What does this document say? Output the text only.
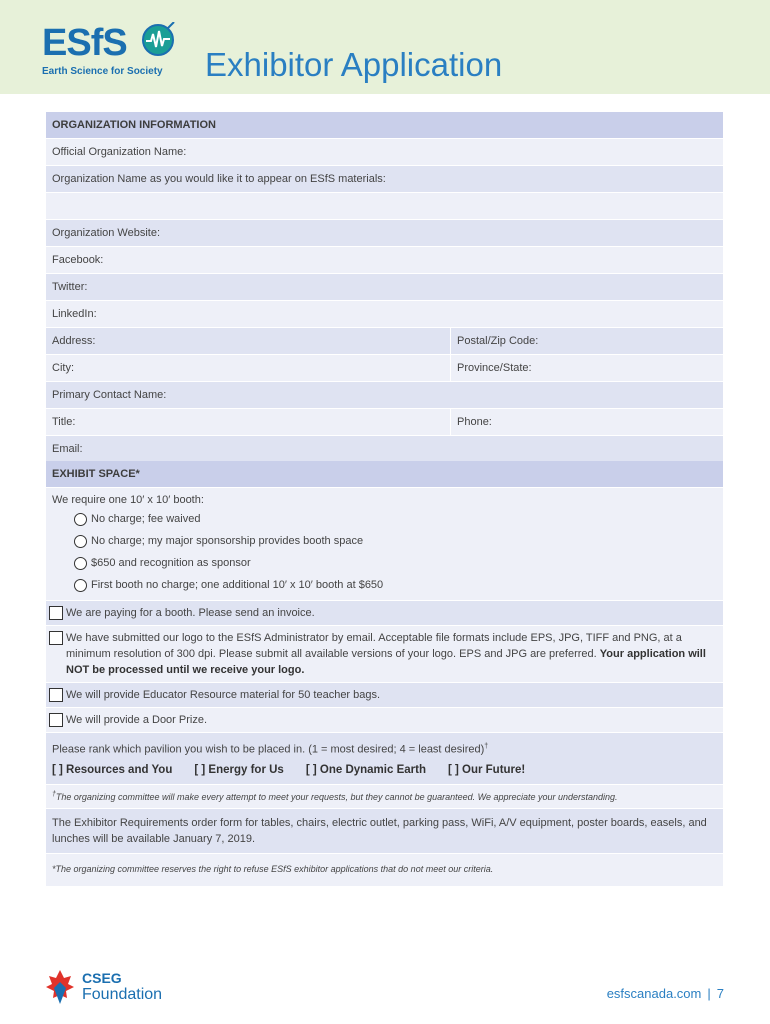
ESfS
Earth Science for Society Exhibitor Application
ORGANIZATION INFORMATION
Official Organization Name:
Organization Name as you would like it to appear on ESfS materials:
Organization Website:
Facebook:
Twitter:
LinkedIn:
Address:	Postal/Zip Code:
City:	Province/State:
Primary Contact Name:
Title:	Phone:
Email:
EXHIBIT SPACE*
We require one 10′ x 10′ booth:
No charge; fee waived
No charge; my major sponsorship provides booth space
$650 and recognition as sponsor
First booth no charge; one additional 10′ x 10′ booth at $650
We are paying for a booth. Please send an invoice.
We have submitted our logo to the ESfS Administrator by email. Acceptable file formats include EPS, JPG, TIFF and PNG, at a minimum resolution of 300 dpi. Please submit all available versions of your logo. EPS and JPG are preferred. Your application will NOT be processed until we receive your logo.
We will provide Educator Resource material for 50 teacher bags.
We will provide a Door Prize.
Please rank which pavilion you wish to be placed in. (1 = most desired; 4 = least desired)†
[ ] Resources and You [ ] Energy for Us [ ] One Dynamic Earth [ ] Our Future!
†The organizing committee will make every attempt to meet your requests, but they cannot be guaranteed. We appreciate your understanding.
The Exhibitor Requirements order form for tables, chairs, electric outlet, parking pass, WiFi, A/V equipment, poster boards, easels, and lunches will be available January 7, 2019.
*The organizing committee reserves the right to refuse ESfS exhibitor applications that do not meet our criteria.
CSEG
Foundation	esfscanada.com | 7
